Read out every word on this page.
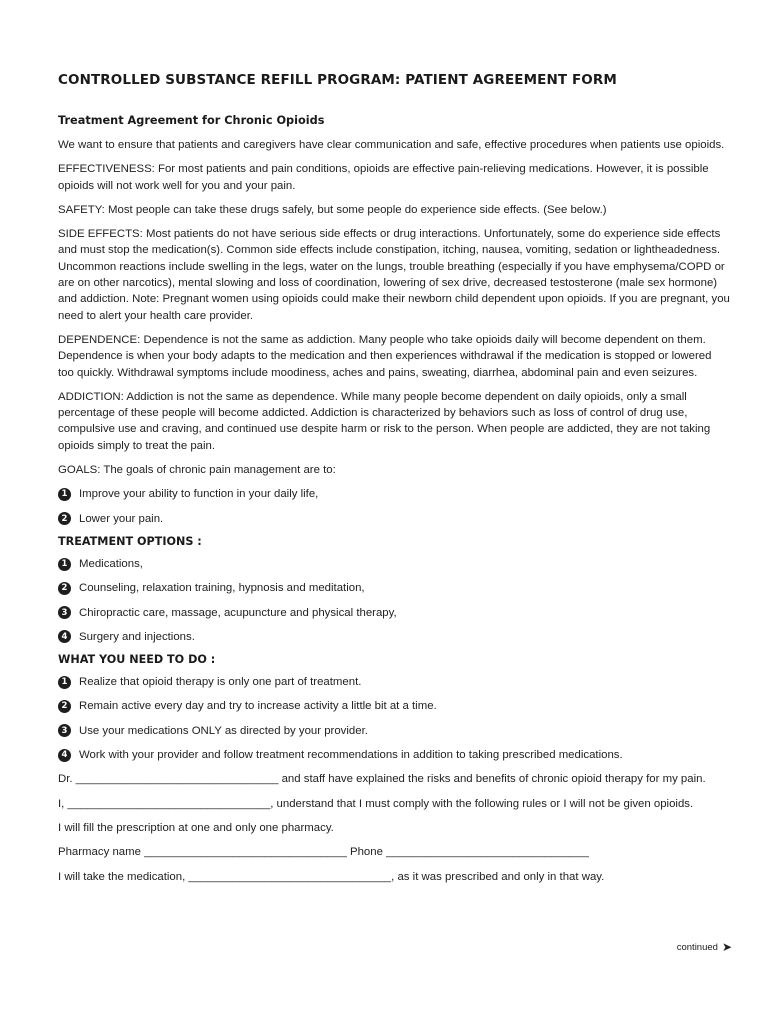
CONTROLLED SUBSTANCE REFILL PROGRAM: PATIENT AGREEMENT FORM
Treatment Agreement for Chronic Opioids

We want to ensure that patients and caregivers have clear communication and safe, effective procedures when patients use opioids.

EFFECTIVENESS: For most patients and pain conditions, opioids are effective pain-relieving medications. However, it is possible opioids will not work well for you and your pain.

SAFETY: Most people can take these drugs safely, but some people do experience side effects. (See below.)

SIDE EFFECTS: Most patients do not have serious side effects or drug interactions. Unfortunately, some do experience side effects and must stop the medication(s). Common side effects include constipation, itching, nausea, vomiting, sedation or lightheadedness. Uncommon reactions include swelling in the legs, water on the lungs, trouble breathing (especially if you have emphysema/COPD or are on other narcotics), mental slowing and loss of coordination, lowering of sex drive, decreased testosterone (male sex hormone) and addiction. Note: Pregnant women using opioids could make their newborn child dependent upon opioids. If you are pregnant, you need to alert your health care provider.

DEPENDENCE: Dependence is not the same as addiction. Many people who take opioids daily will become dependent on them. Dependence is when your body adapts to the medication and then experiences withdrawal if the medication is stopped or lowered too quickly. Withdrawal symptoms include moodiness, aches and pains, sweating, diarrhea, abdominal pain and even seizures.

ADDICTION: Addiction is not the same as dependence. While many people become dependent on daily opioids, only a small percentage of these people will become addicted. Addiction is characterized by behaviors such as loss of control of drug use, compulsive use and craving, and continued use despite harm or risk to the person. When people are addicted, they are not taking opioids simply to treat the pain.

GOALS: The goals of chronic pain management are to:

1	Improve your ability to function in your daily life,
2	Lower your pain.
TREATMENT OPTIONS :
1	Medications,
2	Counseling, relaxation training, hypnosis and meditation,
3	Chiropractic care, massage, acupuncture and physical therapy,
4	Surgery and injections.
WHAT YOU NEED TO DO :
1	Realize that opioid therapy is only one part of treatment.
2	Remain active every day and try to increase activity a little bit at a time.
3	Use your medications ONLY as directed by your provider.
4	Work with your provider and follow treatment recommendations in addition to taking prescribed medications.

Dr. ________________________________ and staff have explained the risks and benefits of chronic opioid therapy for my pain.

I, ________________________________, understand that I must comply with the following rules or I will not be given opioids.

I will fill the prescription at one and only one pharmacy.

Pharmacy name ________________________________ Phone ________________________________

I will take the medication, ________________________________, as it was prescribed and only in that way.

continued ➤
